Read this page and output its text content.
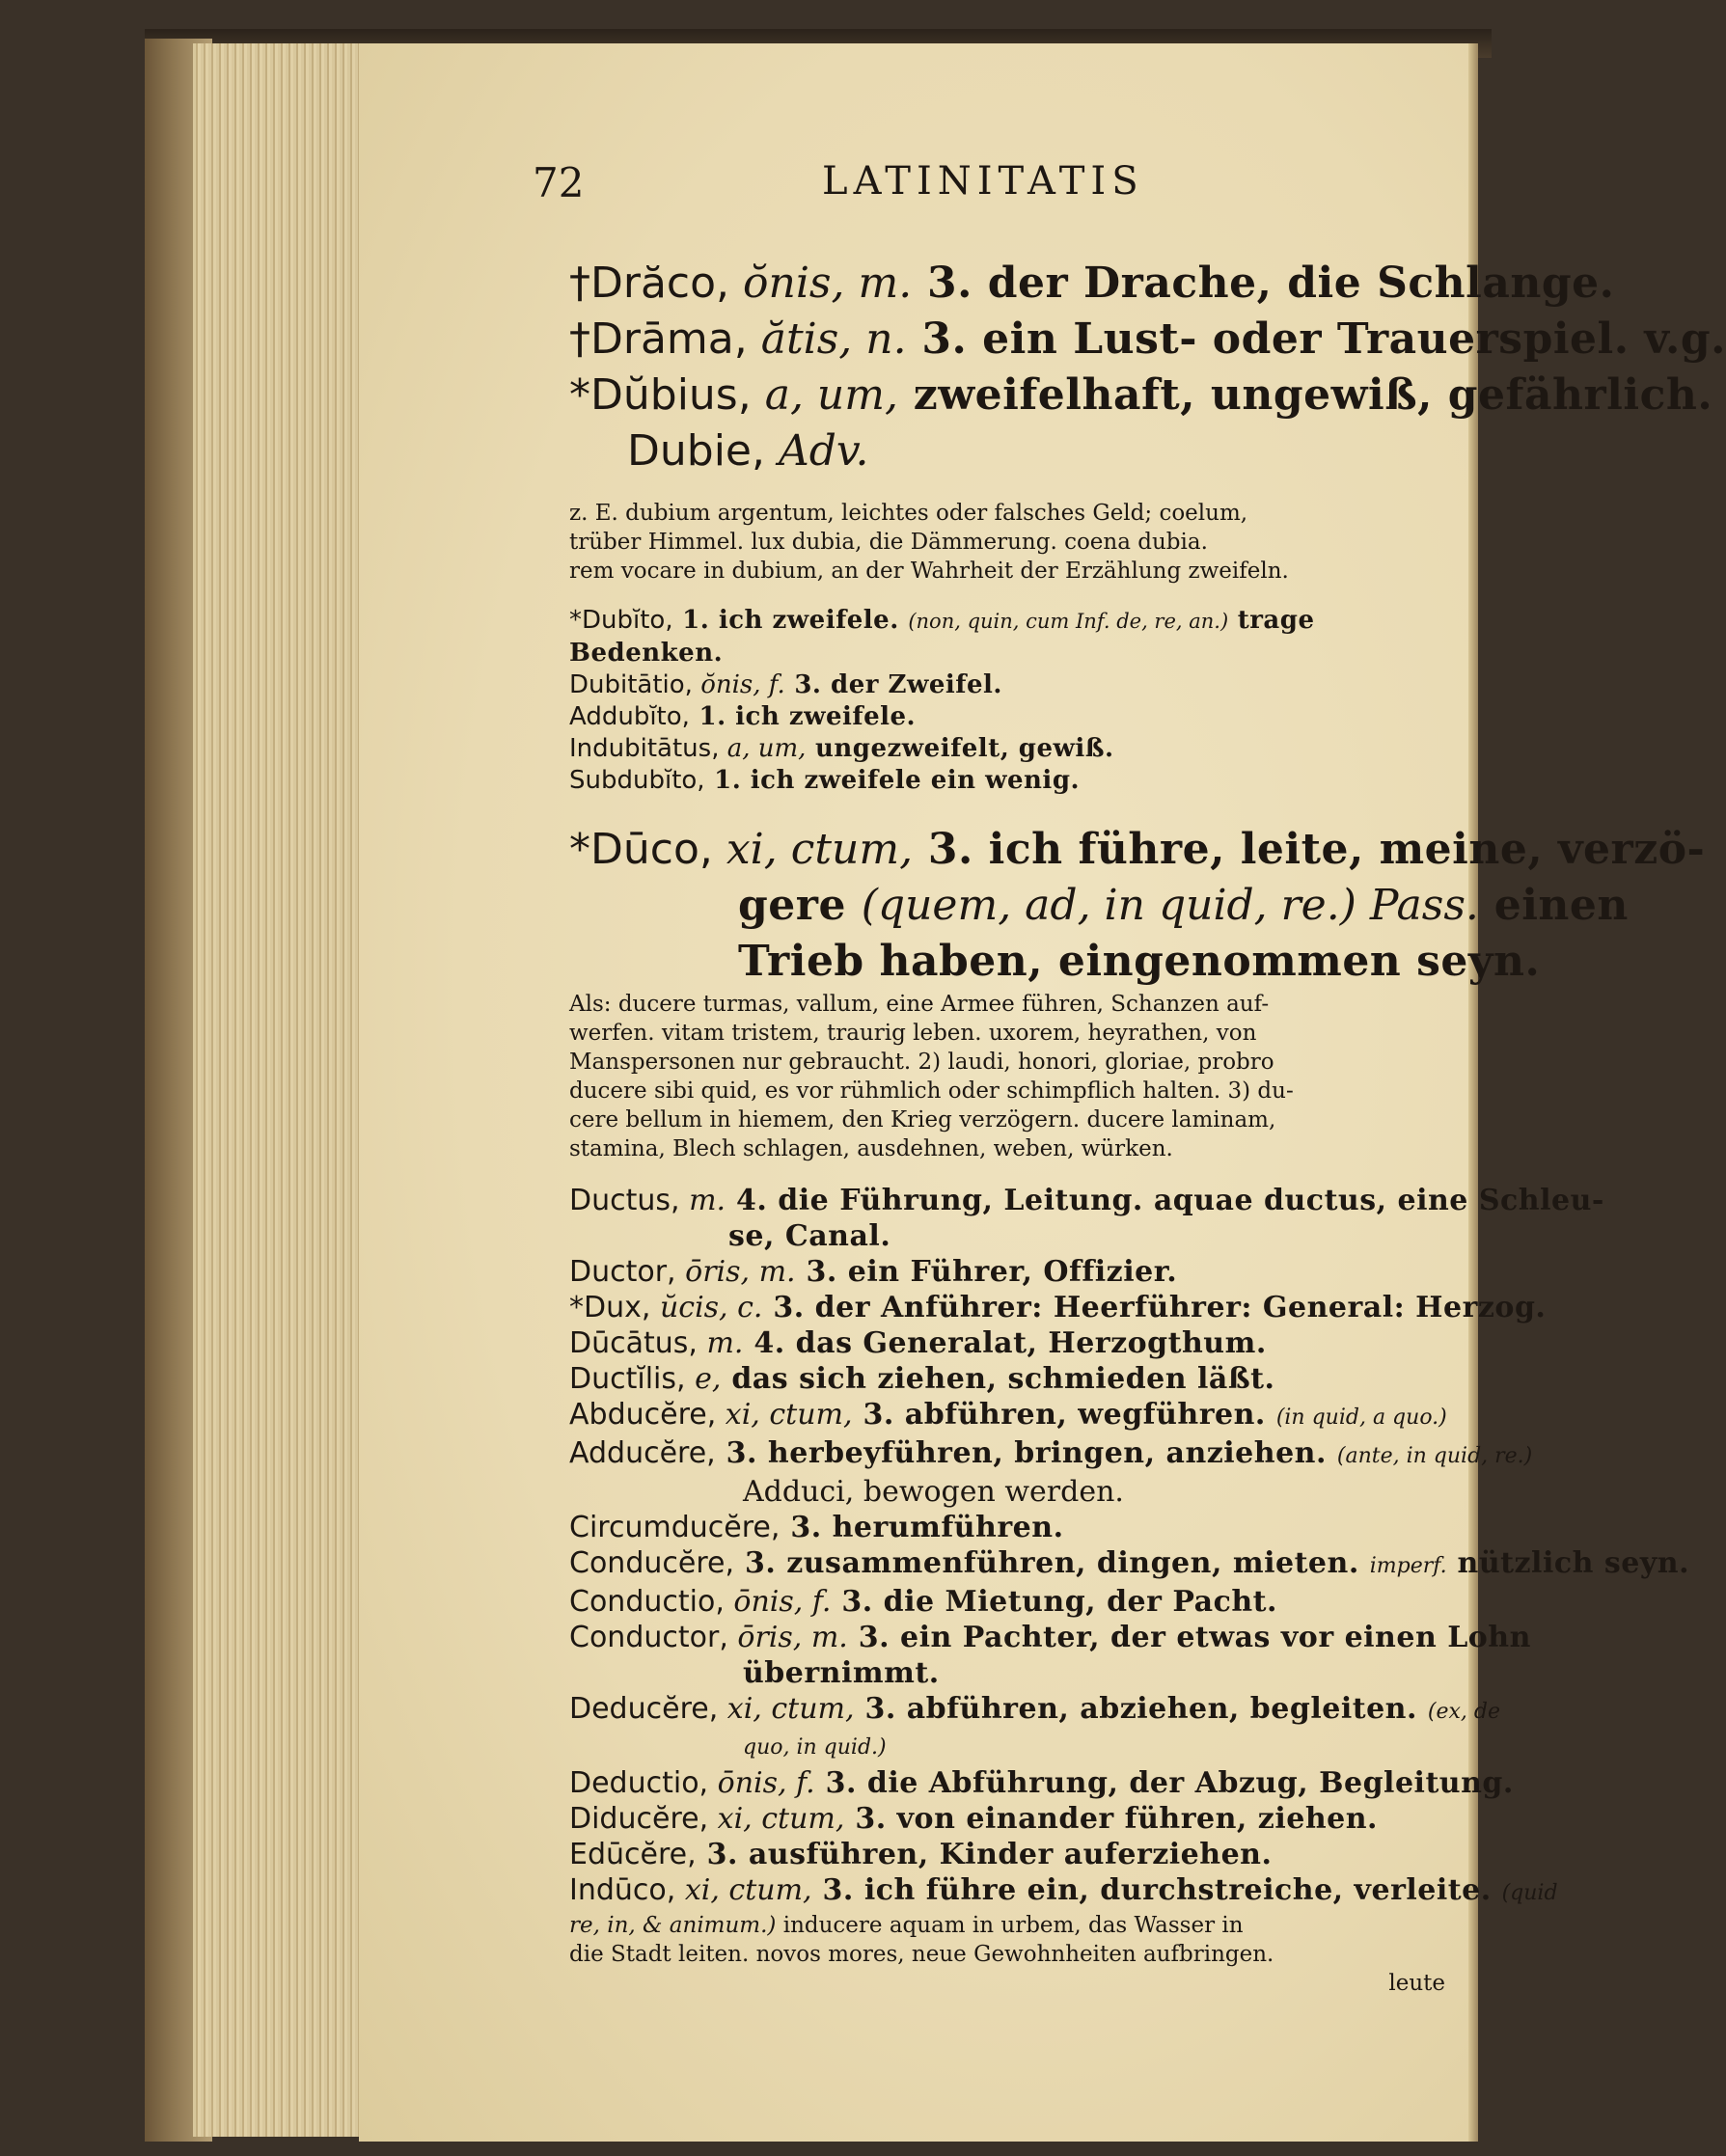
72	LATINITATIS
†Drăco, ŏnis, m. 3. der Drache, die Schlange.
†Drāma, ătis, n. 3. ein Lust- oder Trauerspiel. v.g.
*Dŭbius, a, um, zweifelhaft, ungewiß, gefährlich.
Dubie, Adv.
z. E. dubium argentum, leichtes oder falsches Geld; coelum,
trüber Himmel. lux dubia, die Dämmerung. coena dubia.
rem vocare in dubium, an der Wahrheit der Erzählung zweifeln.
*Dubĭto, 1. ich zweifele. (non, quin, cum Inf. de, re, an.) trage
Bedenken.
Dubitātio, ŏnis, f. 3. der Zweifel.
Addubĭto, 1. ich zweifele.
Indubitātus, a, um, ungezweifelt, gewiß.
Subdubĭto, 1. ich zweifele ein wenig.
*Dūco, xi, ctum, 3. ich führe, leite, meine, verzö-
gere (quem, ad, in quid, re.) Pass. einen
Trieb haben, eingenommen seyn.
Als: ducere turmas, vallum, eine Armee führen, Schanzen auf-
werfen. vitam tristem, traurig leben. uxorem, heyrathen, von
Manspersonen nur gebraucht. 2) laudi, honori, gloriae, probro
ducere sibi quid, es vor rühmlich oder schimpflich halten. 3) du-
cere bellum in hiemem, den Krieg verzögern. ducere laminam,
stamina, Blech schlagen, ausdehnen, weben, würken.
Ductus, m. 4. die Führung, Leitung. aquae ductus, eine Schleu-
se, Canal.
Ductor, ōris, m. 3. ein Führer, Offizier.
*Dux, ŭcis, c. 3. der Anführer: Heerführer: General: Herzog.
Dūcātus, m. 4. das Generalat, Herzogthum.
Ductĭlis, e, das sich ziehen, schmieden läßt.
Abducĕre, xi, ctum, 3. abführen, wegführen. (in quid, a quo.)
Adducĕre, 3. herbeyführen, bringen, anziehen. (ante, in quid, re.)
Adduci, bewogen werden.
Circumducĕre, 3. herumführen.
Conducĕre, 3. zusammenführen, dingen, mieten. imperf. nützlich seyn.
Conductio, ōnis, f. 3. die Mietung, der Pacht.
Conductor, ōris, m. 3. ein Pachter, der etwas vor einen Lohn
übernimmt.
Deducĕre, xi, ctum, 3. abführen, abziehen, begleiten. (ex, de
quo, in quid.)
Deductio, ōnis, f. 3. die Abführung, der Abzug, Begleitung.
Diducĕre, xi, ctum, 3. von einander führen, ziehen.
Edūcĕre, 3. ausführen, Kinder auferziehen.
Indūco, xi, ctum, 3. ich führe ein, durchstreiche, verleite. (quid
re, in, & animum.) inducere aquam in urbem, das Wasser in
die Stadt leiten. novos mores, neue Gewohnheiten aufbringen.
leute
